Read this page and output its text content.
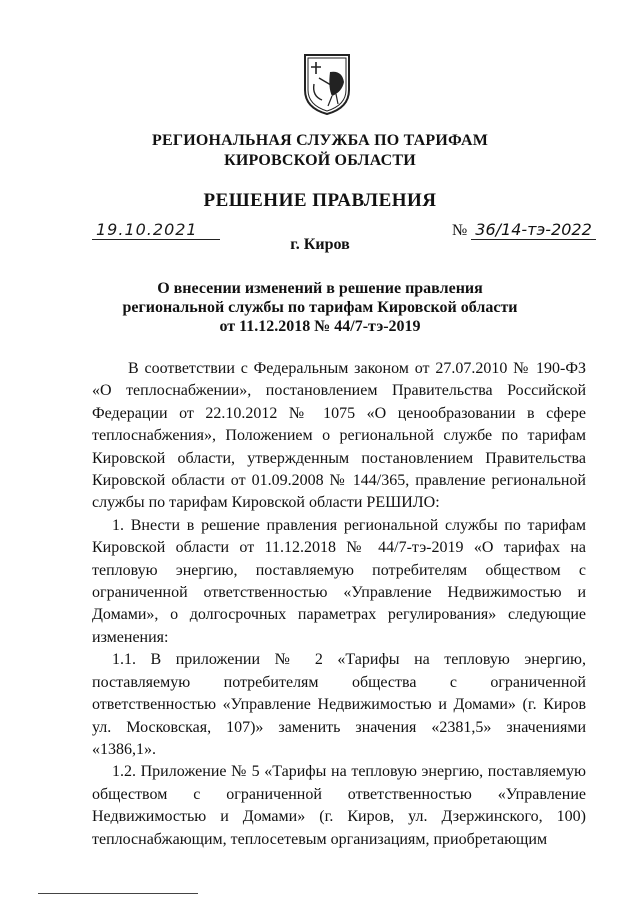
РЕГИОНАЛЬНАЯ СЛУЖБА ПО ТАРИФАМ
КИРОВСКОЙ ОБЛАСТИ
РЕШЕНИЕ ПРАВЛЕНИЯ
19.10.2021	№ 36/14-тэ-2022
г. Киров
О внесении изменений в решение правления
региональной службы по тарифам Кировской области
от 11.12.2018 № 44/7-тэ-2019

В соответствии с Федеральным законом от 27.07.2010 № 190-ФЗ «О теплоснабжении», постановлением Правительства Российской Федерации от 22.10.2012 № 1075 «О ценообразовании в сфере теплоснабжения», Положением о региональной службе по тарифам Кировской области, утвержденным постановлением Правительства Кировской области от 01.09.2008 № 144/365, правление региональной службы по тарифам Кировской области РЕШИЛО:

1. Внести в решение правления региональной службы по тарифам Кировской области от 11.12.2018 № 44/7-тэ-2019 «О тарифах на тепловую энергию, поставляемую потребителям обществом с ограниченной ответственностью «Управление Недвижимостью и Домами», о долгосрочных параметрах регулирования» следующие изменения:

1.1. В приложении № 2 «Тарифы на тепловую энергию, поставляемую потребителям общества с ограниченной ответственностью «Управление Недвижимостью и Домами» (г. Киров ул. Московская, 107)» заменить значения «2381,5» значениями «1386,1».

1.2. Приложение № 5 «Тарифы на тепловую энергию, поставляемую обществом с ограниченной ответственностью «Управление Недвижимостью и Домами» (г. Киров, ул. Дзержинского, 100) теплоснабжающим, теплосетевым организациям, приобретающим
